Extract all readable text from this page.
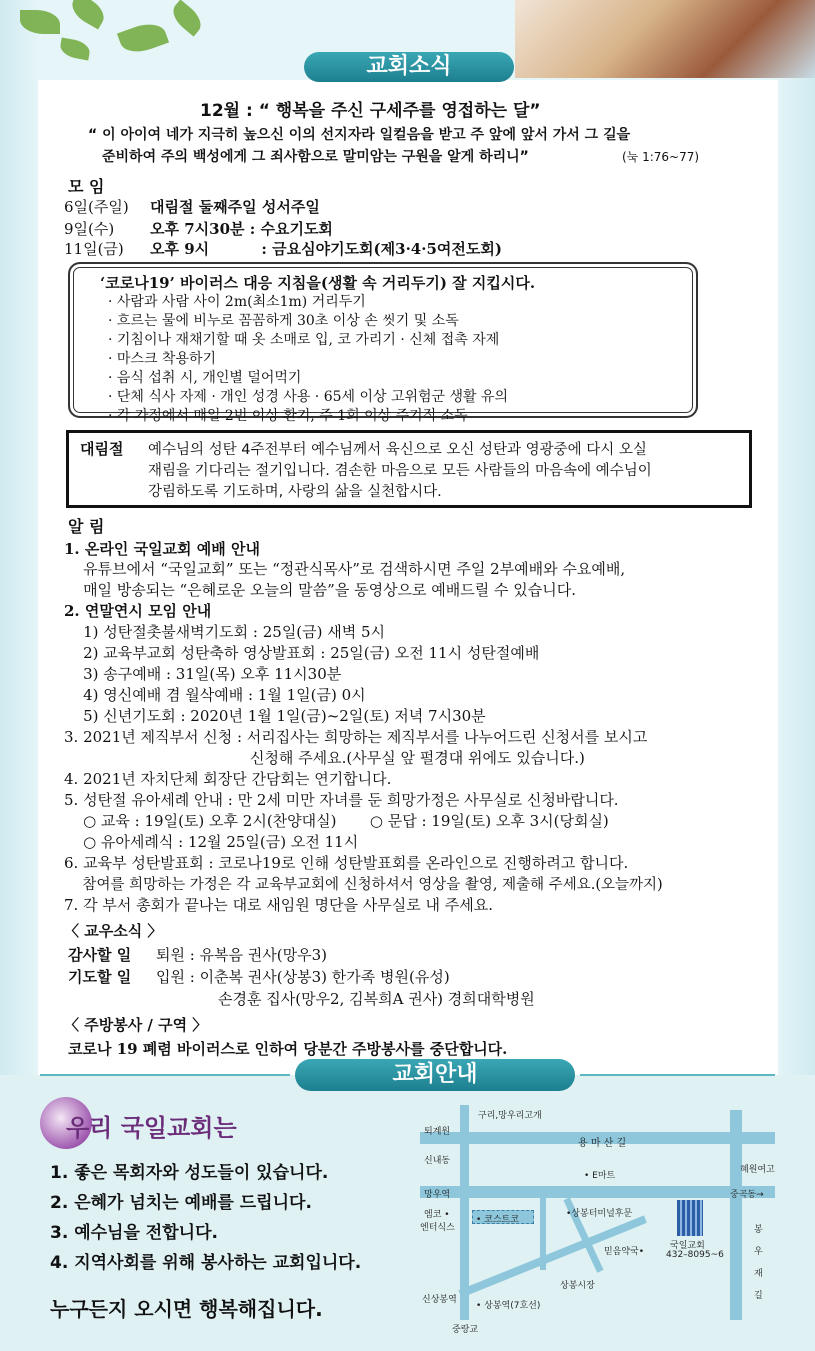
교회소식
12월 : “ 행복을 주신 구세주를 영접하는 달”
“ 이 아이여 네가 지극히 높으신 이의 선지자라 일컬음을 받고 주 앞에 앞서 가서 그 길을
준비하여 주의 백성에게 그 죄사함으로 말미암는 구원을 알게 하리니”	(눅 1:76~77)
모 임
6일(주일) 대림절 둘째주일 성서주일
9일(수) 오후 7시30분 : 수요기도회
11일(금) 오후 9시          : 금요심야기도회(제3·4·5여전도회)
‘코로나19’ 바이러스 대응 지침을(생활 속 거리두기) 잘 지킵시다.
· 사람과 사람 사이 2m(최소1m) 거리두기
· 흐르는 물에 비누로 꼼꼼하게 30초 이상 손 씻기 및 소독
· 기침이나 재채기할 때 옷 소매로 입, 코 가리기 · 신체 접촉 자제
· 마스크 착용하기
· 음식 섭취 시, 개인별 덜어먹기
· 단체 식사 자제 · 개인 성경 사용 · 65세 이상 고위험군 생활 유의
· 각 가정에서 매일 2번 이상 환기, 주 1회 이상 주기적 소독
대림절 예수님의 성탄 4주전부터 예수님께서 육신으로 오신 성탄과 영광중에 다시 오실
재림을 기다리는 절기입니다. 겸손한 마음으로 모든 사람들의 마음속에 예수님이
강림하도록 기도하며, 사랑의 삶을 실천합시다.
알 림
1. 온라인 국일교회 예배 안내
유튜브에서 “국일교회” 또는 “정관식목사”로 검색하시면 주일 2부예배와 수요예배,
매일 방송되는 “은혜로운 오늘의 말씀”을 동영상으로 예배드릴 수 있습니다.
2. 연말연시 모임 안내
1) 성탄절촛불새벽기도회 : 25일(금) 새벽 5시
2) 교육부교회 성탄축하 영상발표회 : 25일(금) 오전 11시 성탄절예배
3) 송구예배 : 31일(목) 오후 11시30분
4) 영신예배 겸 월삭예배 : 1월 1일(금) 0시
5) 신년기도회 : 2020년 1월 1일(금)~2일(토) 저녁 7시30분
3. 2021년 제직부서 신청 : 서리집사는 희망하는 제직부서를 나누어드린 신청서를 보시고
신청해 주세요.(사무실 앞 펄경대 위에도 있습니다.)
4. 2021년 자치단체 회장단 간담회는 연기합니다.
5. 성탄절 유아세례 안내 : 만 2세 미만 자녀를 둔 희망가정은 사무실로 신청바랍니다.
○ 교육 : 19일(토) 오후 2시(찬양대실)       ○ 문답 : 19일(토) 오후 3시(당회실)
○ 유아세례식 : 12월 25일(금) 오전 11시
6. 교육부 성탄발표회 : 코로나19로 인해 성탄발표회를 온라인으로 진행하려고 합니다.
참여를 희망하는 가정은 각 교육부교회에 신청하셔서 영상을 촬영, 제출해 주세요.(오늘까지)
7. 각 부서 총회가 끝나는 대로 새임원 명단을 사무실로 내 주세요.
〈 교우소식 〉
감사할 일 퇴원 : 유복음 권사(망우3)
기도할 일 입원 : 이춘복 권사(상봉3) 한가족 병원(유성)
손경훈 집사(망우2, 김복희A 권사) 경희대학병원
〈 주방봉사 / 구역 〉
코로나 19 폐렴 바이러스로 인하여 당분간 주방봉사를 중단합니다.
교회안내
우리 국일교회는
1. 좋은 목회자와 성도들이 있습니다.
2. 은혜가 넘치는 예배를 드립니다.
3. 예수님을 전합니다.
4. 지역사회를 위해 봉사하는 교회입니다.
누구든지 오시면 행복해집니다.
구리,망우리고개
퇴계원
용 마 산 길
신내동
• E마트
혜원여고
망우역	중곡동→
엠코 •
엔터식스
• 코스트코
•상봉터미널후문
국일교회
432–8095~6
믿음약국•
봉
우
재
길
상봉시장
신상봉역
• 상봉역(7호선)
중랑교
